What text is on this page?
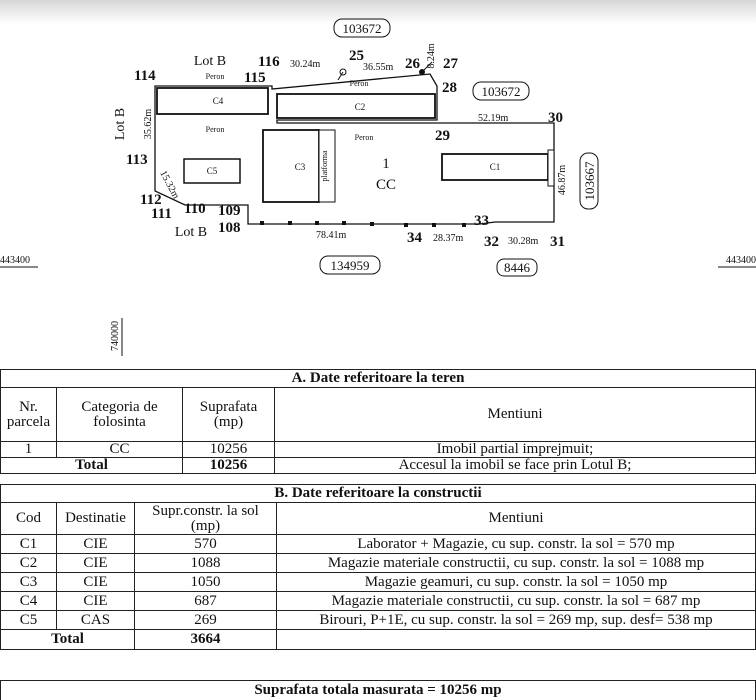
103672
103672
103667
134959	8446
C4
Peron
Peron
C2
Peron
Peron
C3 platforma
C5	C1
1
CC
Lot B
Lot B
Lot B
25	26 27
28
29
30
31
32
33
34
108
109
110
111
112
113
114	115
116 30.24m	36.55m	8.24m
52.19m
46.87m
30.28m
28.37m
78.41m
15.32m
35.62m
443400	443400
740000
A. Date referitoare la teren			
Nr. parcela	Categoria de folosinta	Suprafata (mp)	Mentiuni
1	CC	10256	Imobil partial imprejmuit;
Total		10256	Accesul la imobil se face prin Lotul B;
B. Date referitoare la constructii			
Cod	Destinatie	Supr.constr. la sol (mp)	Mentiuni
C1	CIE	570	Laborator + Magazie, cu sup. constr. la sol = 570 mp
C2	CIE	1088	Magazie materiale constructii, cu sup. constr. la sol = 1088 mp
C3	CIE	1050	Magazie geamuri, cu sup. constr. la sol = 1050 mp
C4	CIE	687	Magazie materiale constructii, cu sup. constr. la sol = 687 mp
C5	CAS	269	Birouri, P+1E, cu sup. constr. la sol = 269 mp, sup. desf= 538 mp
Total		3664	
Suprafata totala masurata = 10256 mp
